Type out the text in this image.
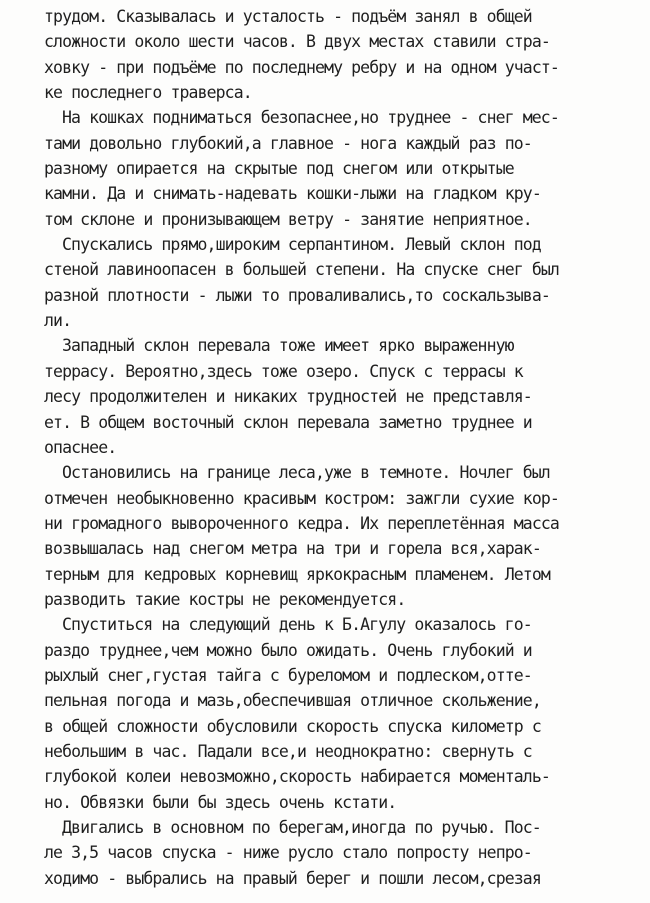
трудом. Сказывалась и усталость - подъём занял в общей
сложности около шести часов. В двух местах ставили стра-
ховку - при подъёме по последнему ребру и на одном участ-
ке последнего траверса.
На кошках подниматься безопаснее,но труднее - снег мес-
тами довольно глубокий,а главное - нога каждый раз по-
разному опирается на скрытые под снегом или открытые
камни. Да и снимать-надевать кошки-лыжи на гладком кру-
том склоне и пронизывающем ветру - занятие неприятное.
Спускались прямо,широким серпантином. Левый склон под
стеной лавиноопасен в большей степени. На спуске снег был
разной плотности - лыжи то проваливались,то соскальзыва-
ли.
Западный склон перевала тоже имеет ярко выраженную
террасу. Вероятно,здесь тоже озеро. Спуск с террасы к
лесу продолжителен и никаких трудностей не представля-
ет. В общем восточный склон перевала заметно труднее и
опаснее.
Остановились на границе леса,уже в темноте. Ночлег был
отмечен необыкновенно красивым костром: зажгли сухие кор-
ни громадного вывороченного кедра. Их переплетённая масса
возвышалась над снегом метра на три и горела вся,харак-
терным для кедровых корневищ яркокрасным пламенем. Летом
разводить такие костры не рекомендуется.
Спуститься на следующий день к Б.Агулу оказалось го-
раздо труднее,чем можно было ожидать. Очень глубокий и
рыхлый снег,густая тайга с буреломом и подлеском,отте-
пельная погода и мазь,обеспечившая отличное скольжение,
в общей сложности обусловили скорость спуска километр с
небольшим в час. Падали все,и неоднократно: свернуть с
глубокой колеи невозможно,скорость набирается моменталь-
но. Обвязки были бы здесь очень кстати.
Двигались в основном по берегам,иногда по ручью. Пос-
ле 3,5 часов спуска - ниже русло стало попросту непро-
ходимо - выбрались на правый берег и пошли лесом,срезая
